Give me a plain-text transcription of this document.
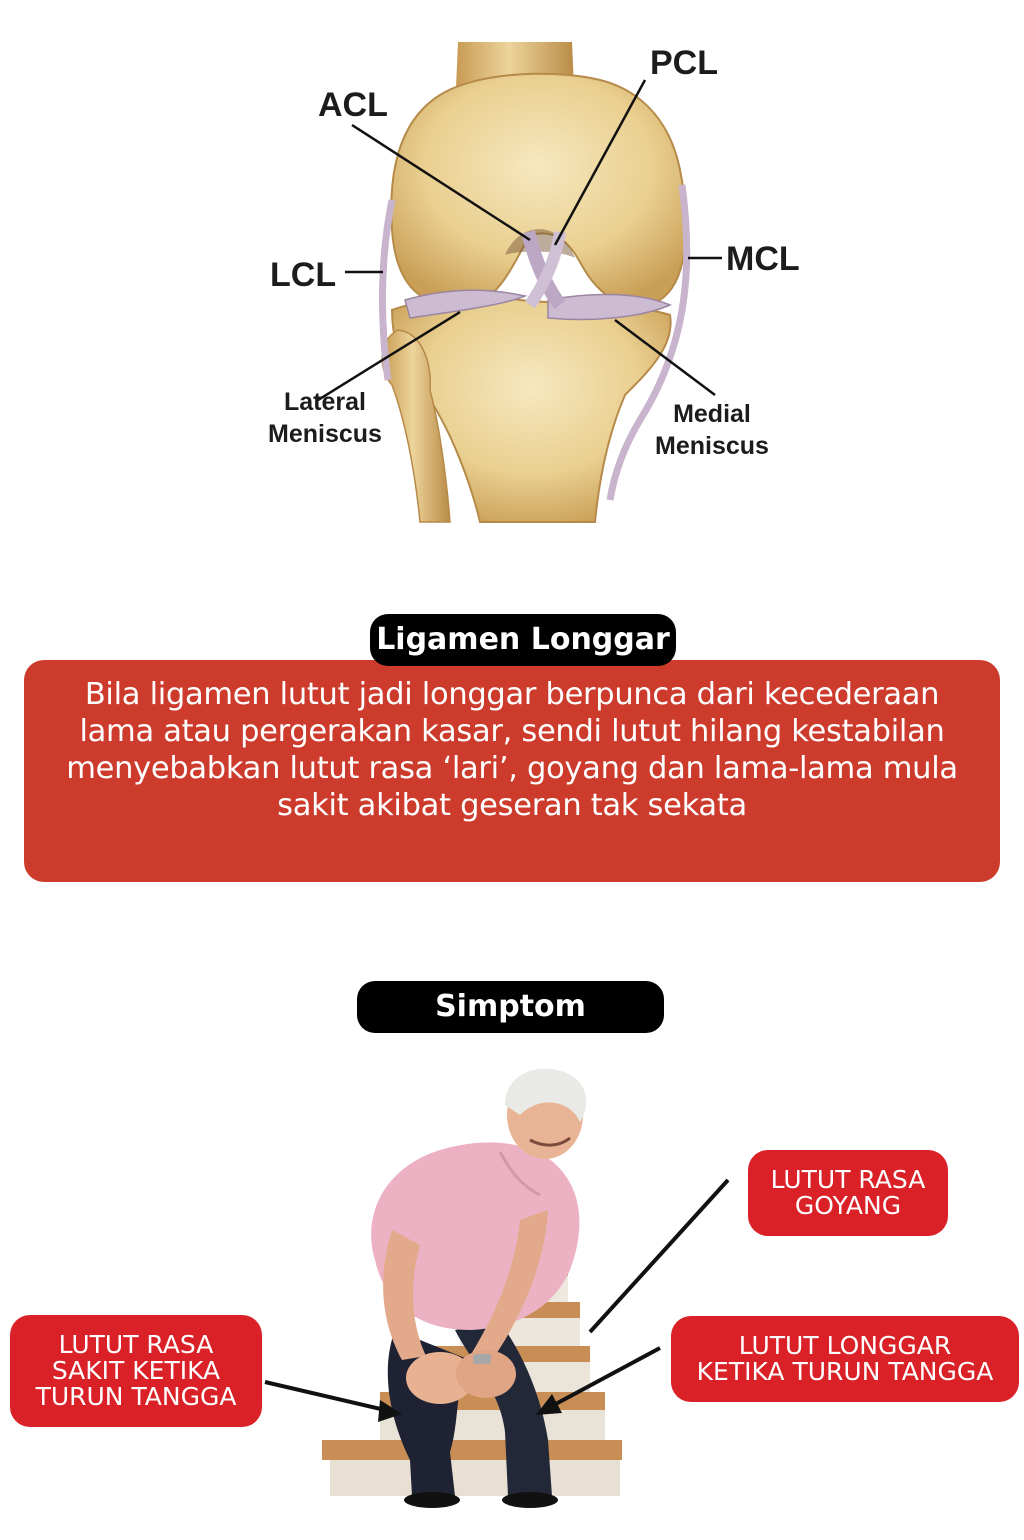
ACL
PCL
LCL	MCL
Lateral
Meniscus
Medial
Meniscus
Bila ligamen lutut jadi longgar berpunca dari kecederaan lama atau pergerakan kasar, sendi lutut hilang kestabilan menyebabkan lutut rasa ‘lari’, goyang dan lama-lama mula sakit akibat geseran tak sekata
Ligamen Longgar
Simptom
LUTUT RASA GOYANG
LUTUT RASA SAKIT KETIKA TURUN TANGGA
LUTUT LONGGAR KETIKA TURUN TANGGA
